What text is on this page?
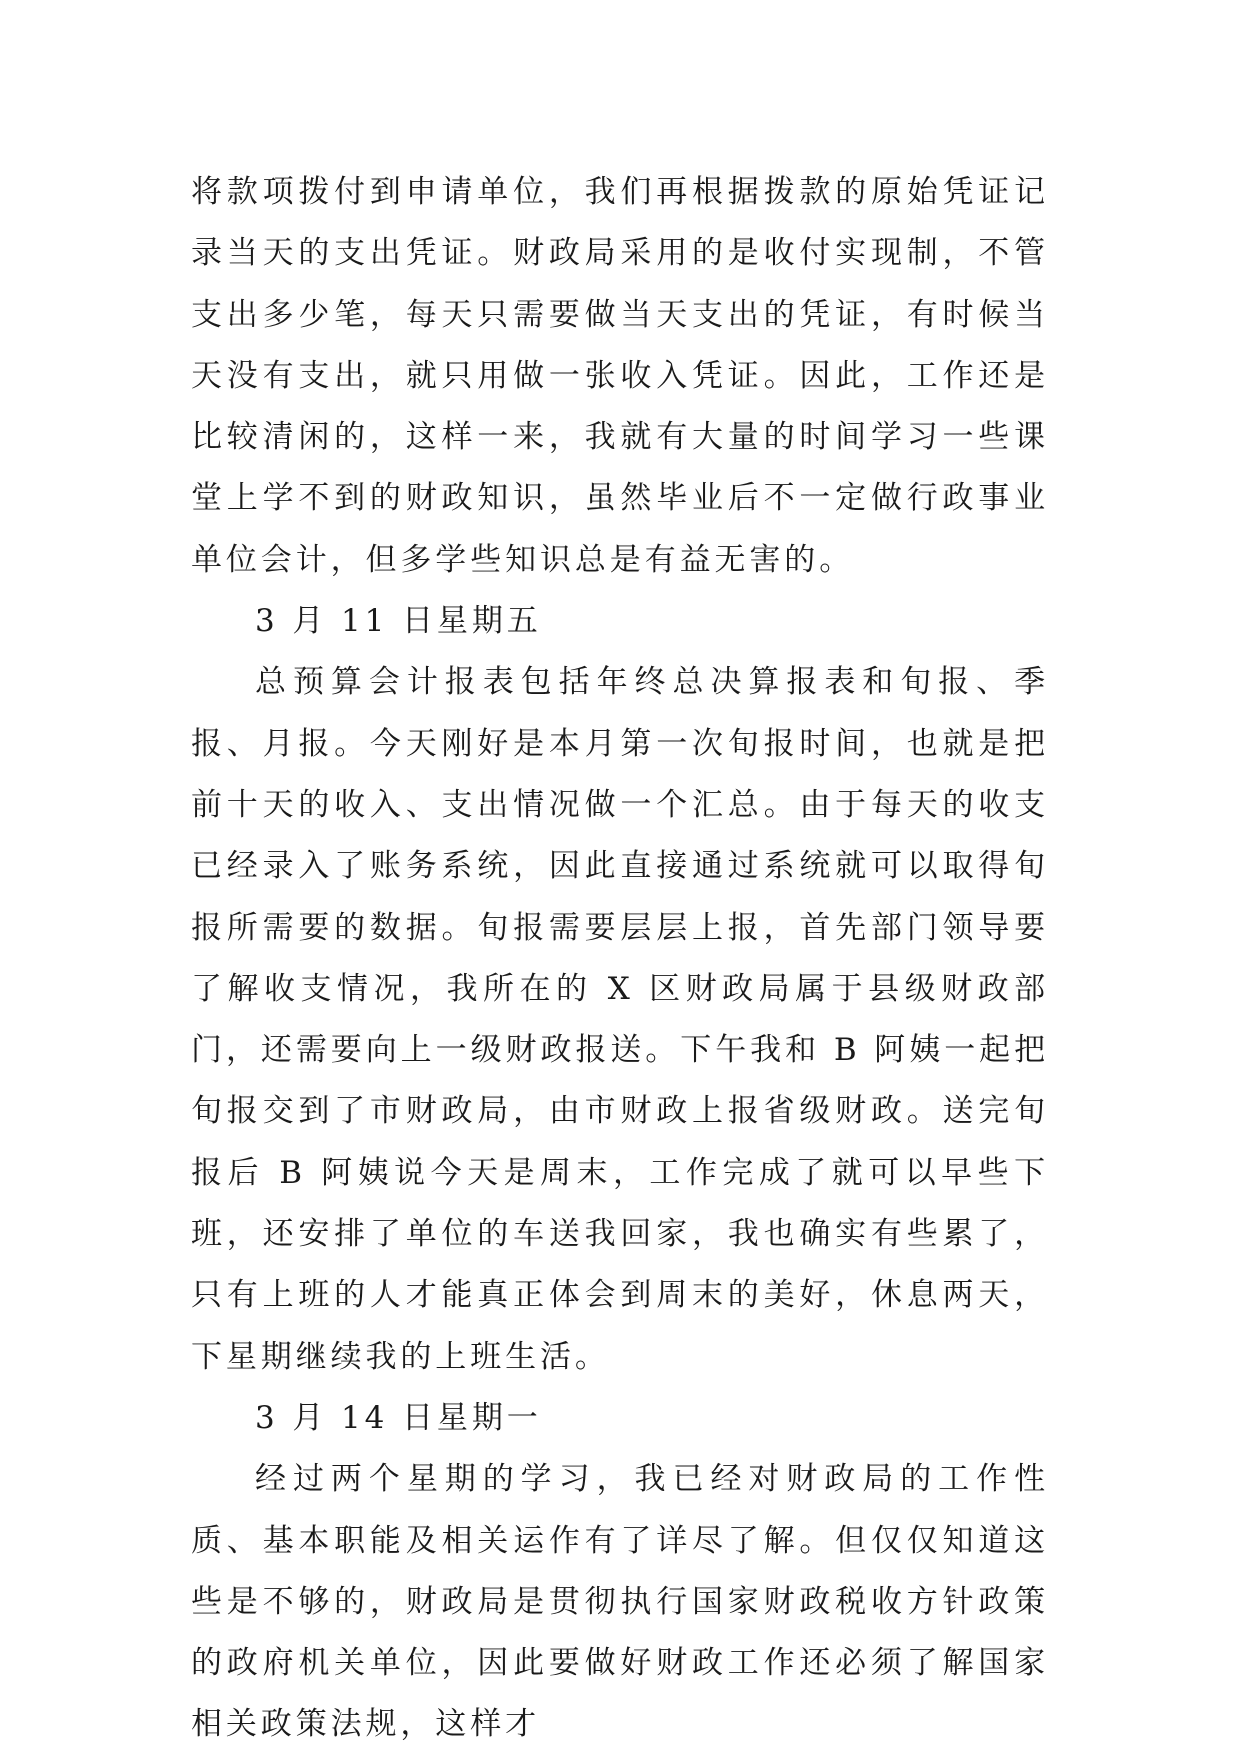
将款项拨付到申请单位，我们再根据拨款的原始凭证记录当天的支出凭证。财政局采用的是收付实现制，不管支出多少笔，每天只需要做当天支出的凭证，有时候当天没有支出，就只用做一张收入凭证。因此，工作还是比较清闲的，这样一来，我就有大量的时间学习一些课堂上学不到的财政知识，虽然毕业后不一定做行政事业单位会计，但多学些知识总是有益无害的。

3 月 11 日星期五

总预算会计报表包括年终总决算报表和旬报、季报、月报。今天刚好是本月第一次旬报时间，也就是把前十天的收入、支出情况做一个汇总。由于每天的收支已经录入了账务系统，因此直接通过系统就可以取得旬报所需要的数据。旬报需要层层上报，首先部门领导要了解收支情况，我所在的 X 区财政局属于县级财政部门，还需要向上一级财政报送。下午我和 B 阿姨一起把旬报交到了市财政局，由市财政上报省级财政。送完旬报后 B 阿姨说今天是周末，工作完成了就可以早些下班，还安排了单位的车送我回家，我也确实有些累了，只有上班的人才能真正体会到周末的美好，休息两天，下星期继续我的上班生活。

3 月 14 日星期一

经过两个星期的学习，我已经对财政局的工作性质、基本职能及相关运作有了详尽了解。但仅仅知道这些是不够的，财政局是贯彻执行国家财政税收方针政策的政府机关单位，因此要做好财政工作还必须了解国家相关政策法规，这样才
